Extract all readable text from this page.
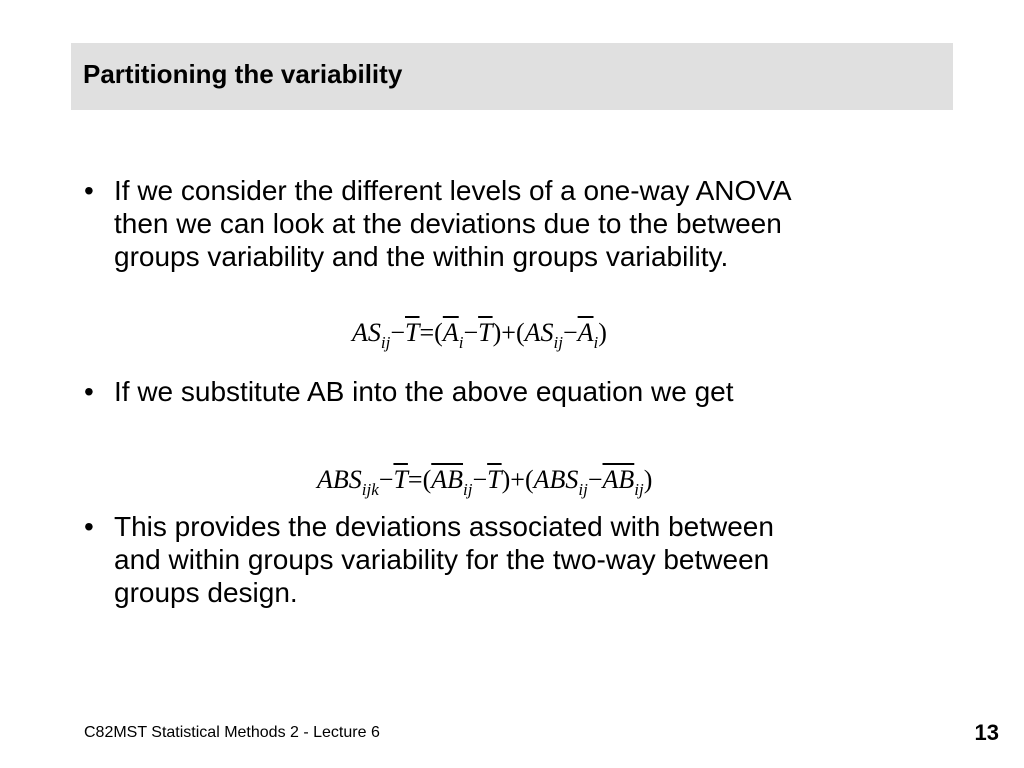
Partitioning the variability
• If we consider the different levels of a one-way ANOVA
then we can look at the deviations due to the between
groups variability and the within groups variability.
$AS_{ij}-\overline{T}=(\overline{A}_i-\overline{T})+(AS_{ij}-\overline{A}_i)$
• If we substitute AB into the above equation we get
$ABS_{ijk}-\overline{T}=(\overline{AB}_{ij}-\overline{T})+(ABS_{ij}-\overline{AB}_{ij})$
• This provides the deviations associated with between
and within groups variability for the two-way between
groups design.
C82MST Statistical Methods 2 - Lecture 6	13
